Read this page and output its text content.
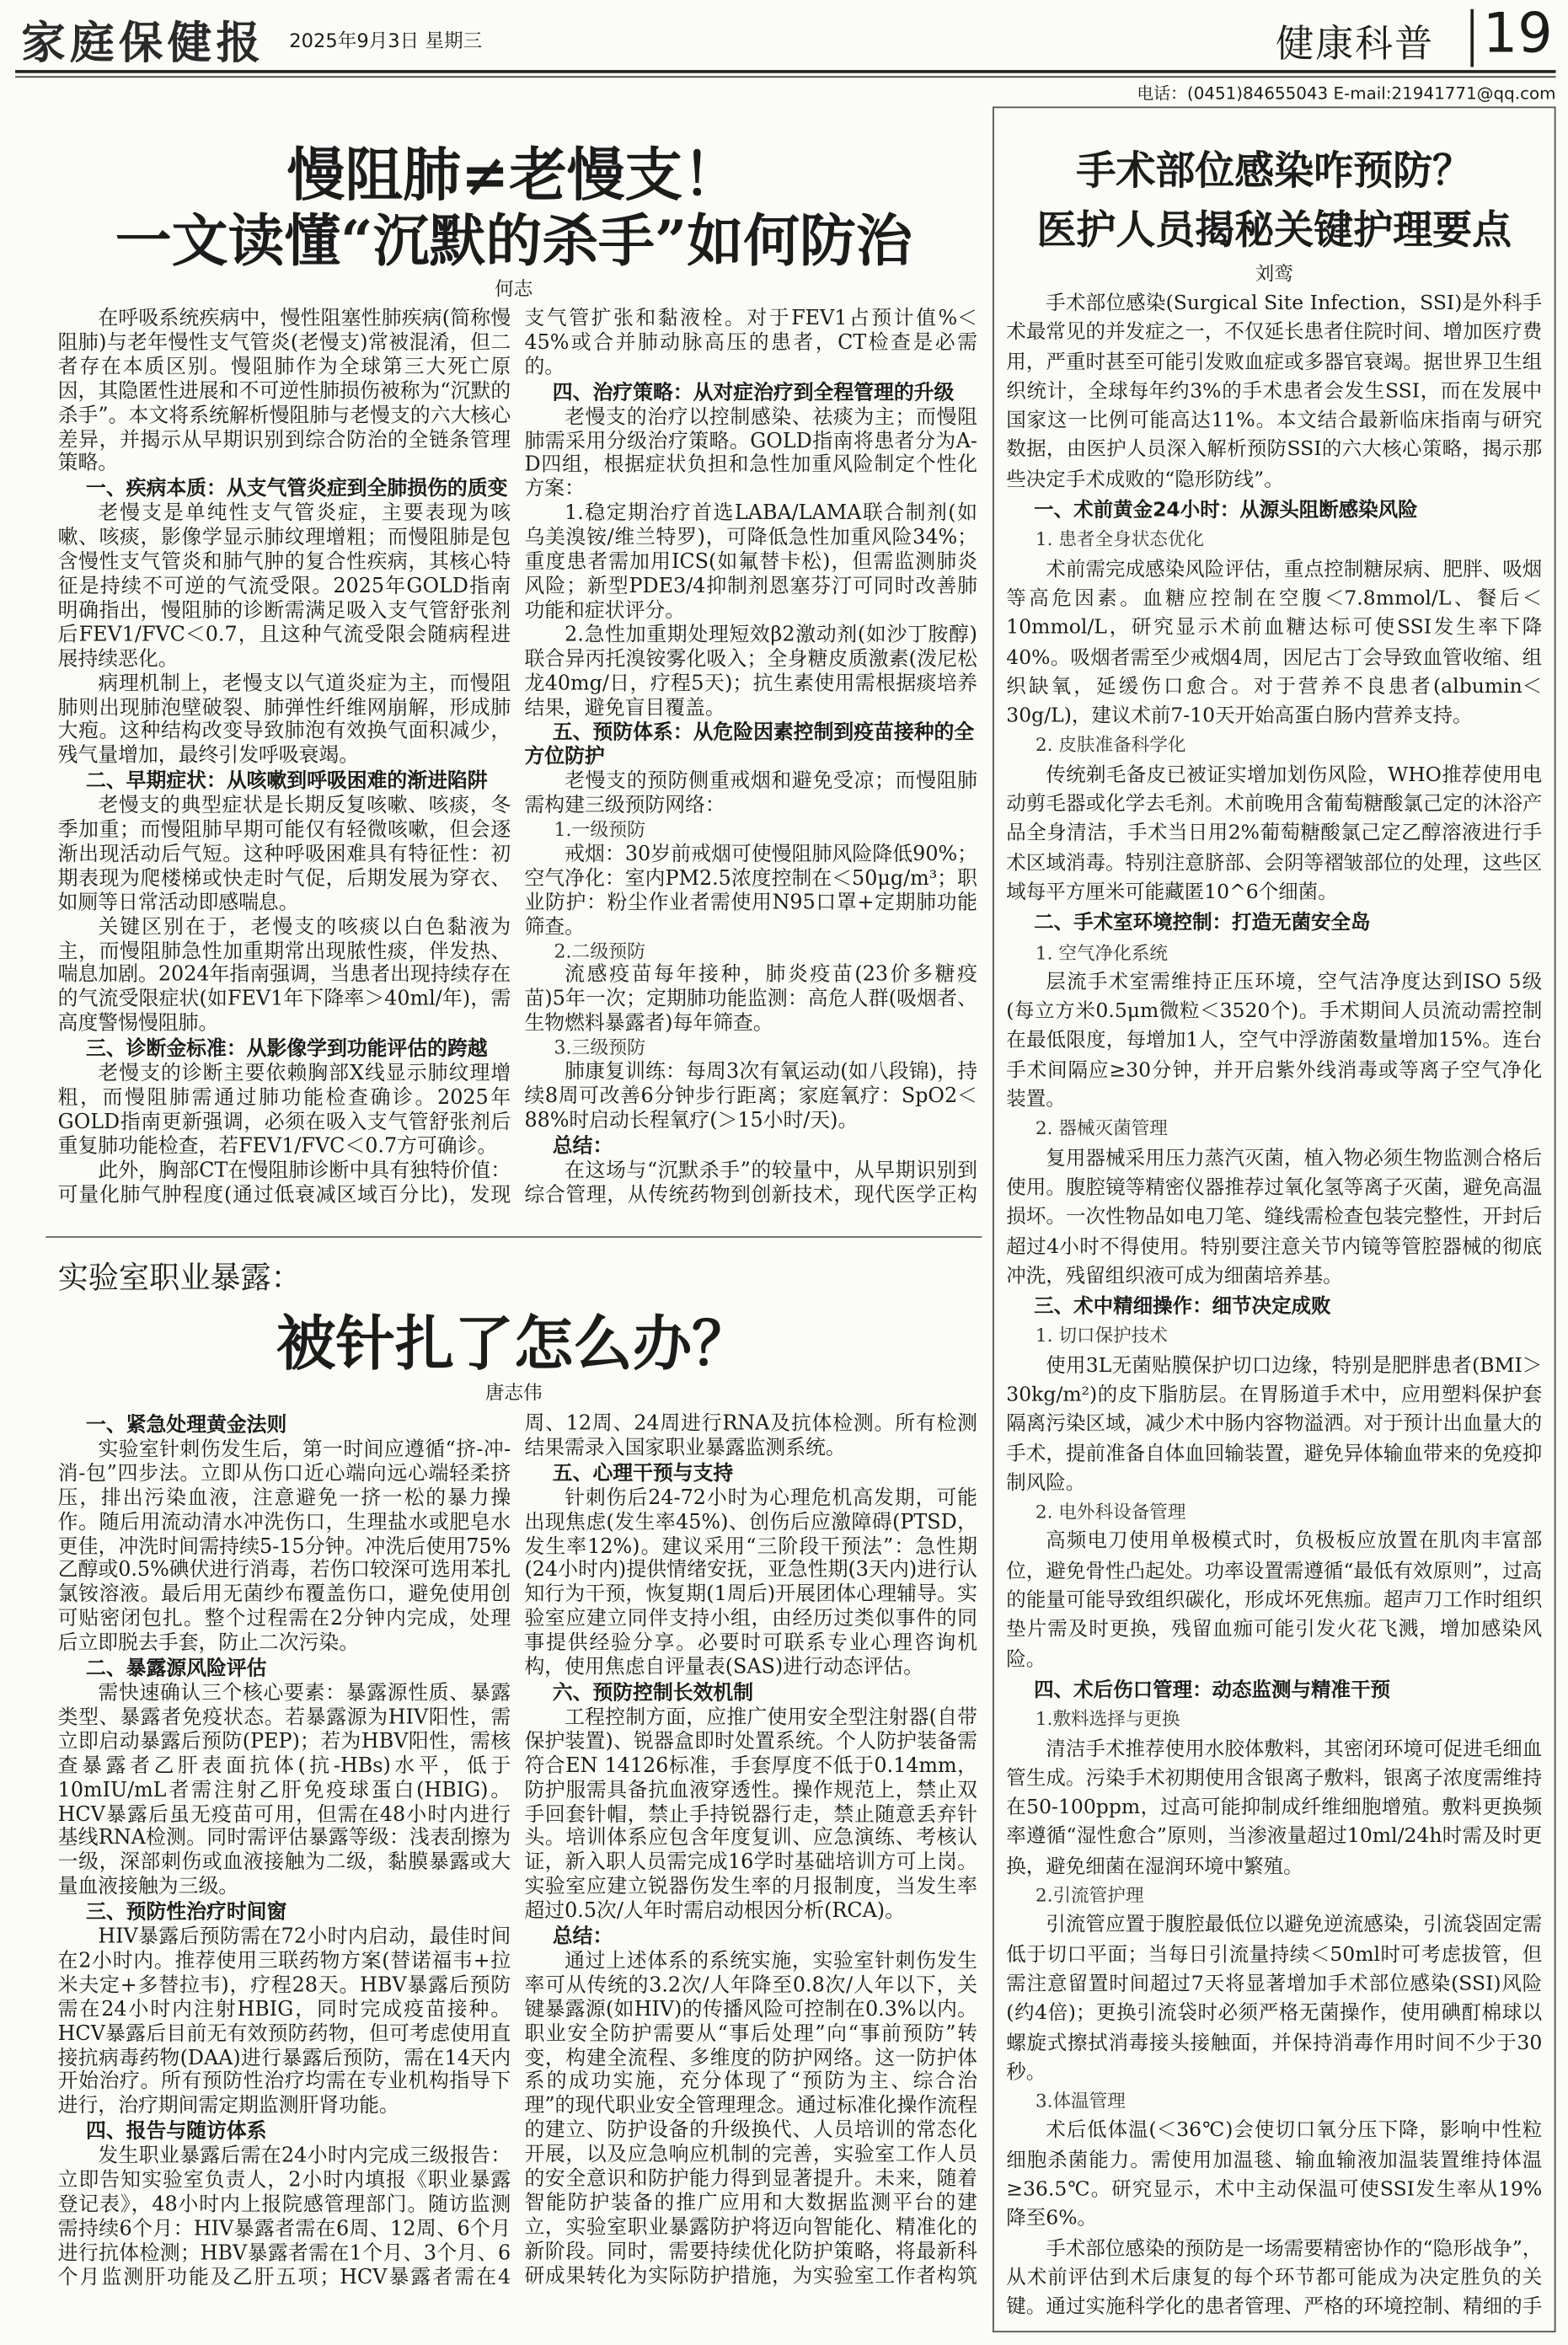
家庭保健报 2025年9月3日 星期三	健康科普 19
电话：(0451)84655043 E-mail:21941771@qq.com
慢阻肺≠老慢支！
一文读懂“沉默的杀手”如何防治
何志
在呼吸系统疾病中，慢性阻塞性肺疾病(简称慢阻肺)与老年慢性支气管炎(老慢支)常被混淆，但二者存在本质区别。慢阻肺作为全球第三大死亡原因，其隐匿性进展和不可逆性肺损伤被称为“沉默的杀手”。本文将系统解析慢阻肺与老慢支的六大核心差异，并揭示从早期识别到综合防治的全链条管理策略。
一、疾病本质：从支气管炎症到全肺损伤的质变
老慢支是单纯性支气管炎症，主要表现为咳嗽、咳痰，影像学显示肺纹理增粗；而慢阻肺是包含慢性支气管炎和肺气肿的复合性疾病，其核心特征是持续不可逆的气流受限。2025年GOLD指南明确指出，慢阻肺的诊断需满足吸入支气管舒张剂后FEV1/FVC＜0.7，且这种气流受限会随病程进展持续恶化。
病理机制上，老慢支以气道炎症为主，而慢阻肺则出现肺泡壁破裂、肺弹性纤维网崩解，形成肺大疱。这种结构改变导致肺泡有效换气面积减少，残气量增加，最终引发呼吸衰竭。
二、早期症状：从咳嗽到呼吸困难的渐进陷阱
老慢支的典型症状是长期反复咳嗽、咳痰，冬季加重；而慢阻肺早期可能仅有轻微咳嗽，但会逐渐出现活动后气短。这种呼吸困难具有特征性：初期表现为爬楼梯或快走时气促，后期发展为穿衣、如厕等日常活动即感喘息。
关键区别在于，老慢支的咳痰以白色黏液为主，而慢阻肺急性加重期常出现脓性痰，伴发热、喘息加剧。2024年指南强调，当患者出现持续存在的气流受限症状(如FEV1年下降率＞40ml/年)，需高度警惕慢阻肺。
三、诊断金标准：从影像学到功能评估的跨越
老慢支的诊断主要依赖胸部X线显示肺纹理增粗，而慢阻肺需通过肺功能检查确诊。2025年GOLD指南更新强调，必须在吸入支气管舒张剂后重复肺功能检查，若FEV1/FVC＜0.7方可确诊。
此外，胸部CT在慢阻肺诊断中具有独特价值：可量化肺气肿程度(通过低衰减区域百分比)，发现支气管扩张和黏液栓。对于FEV1占预计值%＜45%或合并肺动脉高压的患者，CT检查是必需的。
四、治疗策略：从对症治疗到全程管理的升级
老慢支的治疗以控制感染、祛痰为主；而慢阻肺需采用分级治疗策略。GOLD指南将患者分为A-D四组，根据症状负担和急性加重风险制定个性化方案：
1.稳定期治疗首选LABA/LAMA联合制剂(如乌美溴铵/维兰特罗)，可降低急性加重风险34%；重度患者需加用ICS(如氟替卡松)，但需监测肺炎风险；新型PDE3/4抑制剂恩塞芬汀可同时改善肺功能和症状评分。
2.急性加重期处理短效β2激动剂(如沙丁胺醇)联合异丙托溴铵雾化吸入；全身糖皮质激素(泼尼松龙40mg/日，疗程5天)；抗生素使用需根据痰培养结果，避免盲目覆盖。
五、预防体系：从危险因素控制到疫苗接种的全方位防护
老慢支的预防侧重戒烟和避免受凉；而慢阻肺需构建三级预防网络：
1.一级预防
戒烟：30岁前戒烟可使慢阻肺风险降低90%；空气净化：室内PM2.5浓度控制在＜50μg/m³；职业防护：粉尘作业者需使用N95口罩+定期肺功能筛查。
2.二级预防
流感疫苗每年接种，肺炎疫苗(23价多糖疫苗)5年一次；定期肺功能监测：高危人群(吸烟者、生物燃料暴露者)每年筛查。
3.三级预防
肺康复训练：每周3次有氧运动(如八段锦)，持续8周可改善6分钟步行距离；家庭氧疗：SpO2＜88%时启动长程氧疗(＞15小时/天)。
总结：
在这场与“沉默杀手”的较量中，从早期识别到综合管理，从传统药物到创新技术，现代医学正构
实验室职业暴露：
被针扎了怎么办？
唐志伟
一、紧急处理黄金法则
实验室针刺伤发生后，第一时间应遵循“挤-冲-消-包”四步法。立即从伤口近心端向远心端轻柔挤压，排出污染血液，注意避免一挤一松的暴力操作。随后用流动清水冲洗伤口，生理盐水或肥皂水更佳，冲洗时间需持续5-15分钟。冲洗后使用75%乙醇或0.5%碘伏进行消毒，若伤口较深可选用苯扎氯铵溶液。最后用无菌纱布覆盖伤口，避免使用创可贴密闭包扎。整个过程需在2分钟内完成，处理后立即脱去手套，防止二次污染。
二、暴露源风险评估
需快速确认三个核心要素：暴露源性质、暴露类型、暴露者免疫状态。若暴露源为HIV阳性，需立即启动暴露后预防(PEP)；若为HBV阳性，需核查暴露者乙肝表面抗体(抗-HBs)水平，低于10mIU/mL者需注射乙肝免疫球蛋白(HBIG)。HCV暴露后虽无疫苗可用，但需在48小时内进行基线RNA检测。同时需评估暴露等级：浅表刮擦为一级，深部刺伤或血液接触为二级，黏膜暴露或大量血液接触为三级。
三、预防性治疗时间窗
HIV暴露后预防需在72小时内启动，最佳时间在2小时内。推荐使用三联药物方案(替诺福韦+拉米夫定+多替拉韦)，疗程28天。HBV暴露后预防需在24小时内注射HBIG，同时完成疫苗接种。HCV暴露后目前无有效预防药物，但可考虑使用直接抗病毒药物(DAA)进行暴露后预防，需在14天内开始治疗。所有预防性治疗均需在专业机构指导下进行，治疗期间需定期监测肝肾功能。
四、报告与随访体系
发生职业暴露后需在24小时内完成三级报告：立即告知实验室负责人，2小时内填报《职业暴露登记表》，48小时内上报院感管理部门。随访监测需持续6个月：HIV暴露者需在6周、12周、6个月进行抗体检测；HBV暴露者需在1个月、3个月、6个月监测肝功能及乙肝五项；HCV暴露者需在4周、12周、24周进行RNA及抗体检测。所有检测结果需录入国家职业暴露监测系统。
五、心理干预与支持
针刺伤后24-72小时为心理危机高发期，可能出现焦虑(发生率45%)、创伤后应激障碍(PTSD，发生率12%)。建议采用“三阶段干预法”：急性期(24小时内)提供情绪安抚，亚急性期(3天内)进行认知行为干预，恢复期(1周后)开展团体心理辅导。实验室应建立同伴支持小组，由经历过类似事件的同事提供经验分享。必要时可联系专业心理咨询机构，使用焦虑自评量表(SAS)进行动态评估。
六、预防控制长效机制
工程控制方面，应推广使用安全型注射器(自带保护装置)、锐器盒即时处置系统。个人防护装备需符合EN 14126标准，手套厚度不低于0.14mm，防护服需具备抗血液穿透性。操作规范上，禁止双手回套针帽，禁止手持锐器行走，禁止随意丢弃针头。培训体系应包含年度复训、应急演练、考核认证，新入职人员需完成16学时基础培训方可上岗。实验室应建立锐器伤发生率的月报制度，当发生率超过0.5次/人年时需启动根因分析(RCA)。
总结：
通过上述体系的系统实施，实验室针刺伤发生率可从传统的3.2次/人年降至0.8次/人年以下，关键暴露源(如HIV)的传播风险可控制在0.3%以内。职业安全防护需要从“事后处理”向“事前预防”转变，构建全流程、多维度的防护网络。这一防护体系的成功实施，充分体现了“预防为主、综合治理”的现代职业安全管理理念。通过标准化操作流程的建立、防护设备的升级换代、人员培训的常态化开展，以及应急响应机制的完善，实验室工作人员的安全意识和防护能力得到显著提升。未来，随着智能防护装备的推广应用和大数据监测平台的建立，实验室职业暴露防护将迈向智能化、精准化的新阶段。同时，需要持续优化防护策略，将最新科研成果转化为实际防护措施，为实验室工作者构筑
手术部位感染咋预防？
医护人员揭秘关键护理要点
刘鸾
手术部位感染(Surgical Site Infection，SSI)是外科手术最常见的并发症之一，不仅延长患者住院时间、增加医疗费用，严重时甚至可能引发败血症或多器官衰竭。据世界卫生组织统计，全球每年约3%的手术患者会发生SSI，而在发展中国家这一比例可能高达11%。本文结合最新临床指南与研究数据，由医护人员深入解析预防SSI的六大核心策略，揭示那些决定手术成败的“隐形防线”。
一、术前黄金24小时：从源头阻断感染风险
1. 患者全身状态优化
术前需完成感染风险评估，重点控制糖尿病、肥胖、吸烟等高危因素。血糖应控制在空腹＜7.8mmol/L、餐后＜10mmol/L，研究显示术前血糖达标可使SSI发生率下降40%。吸烟者需至少戒烟4周，因尼古丁会导致血管收缩、组织缺氧，延缓伤口愈合。对于营养不良患者(albumin＜30g/L)，建议术前7-10天开始高蛋白肠内营养支持。
2. 皮肤准备科学化
传统剃毛备皮已被证实增加划伤风险，WHO推荐使用电动剪毛器或化学去毛剂。术前晚用含葡萄糖酸氯己定的沐浴产品全身清洁，手术当日用2%葡萄糖酸氯己定乙醇溶液进行手术区域消毒。特别注意脐部、会阴等褶皱部位的处理，这些区域每平方厘米可能藏匿10^6个细菌。
二、手术室环境控制：打造无菌安全岛
1. 空气净化系统
层流手术室需维持正压环境，空气洁净度达到ISO 5级(每立方米0.5μm微粒＜3520个)。手术期间人员流动需控制在最低限度，每增加1人，空气中浮游菌数量增加15%。连台手术间隔应≥30分钟，并开启紫外线消毒或等离子空气净化装置。
2. 器械灭菌管理
复用器械采用压力蒸汽灭菌，植入物必须生物监测合格后使用。腹腔镜等精密仪器推荐过氧化氢等离子灭菌，避免高温损坏。一次性物品如电刀笔、缝线需检查包装完整性，开封后超过4小时不得使用。特别要注意关节内镜等管腔器械的彻底冲洗，残留组织液可成为细菌培养基。
三、术中精细操作：细节决定成败
1. 切口保护技术
使用3L无菌贴膜保护切口边缘，特别是肥胖患者(BMI＞30kg/m²)的皮下脂肪层。在胃肠道手术中，应用塑料保护套隔离污染区域，减少术中肠内容物溢洒。对于预计出血量大的手术，提前准备自体血回输装置，避免异体输血带来的免疫抑制风险。
2. 电外科设备管理
高频电刀使用单极模式时，负极板应放置在肌肉丰富部位，避免骨性凸起处。功率设置需遵循“最低有效原则”，过高的能量可能导致组织碳化，形成坏死焦痂。超声刀工作时组织垫片需及时更换，残留血痂可能引发火花飞溅，增加感染风险。
四、术后伤口管理：动态监测与精准干预
1.敷料选择与更换
清洁手术推荐使用水胶体敷料，其密闭环境可促进毛细血管生成。污染手术初期使用含银离子敷料，银离子浓度需维持在50-100ppm，过高可能抑制成纤维细胞增殖。敷料更换频率遵循“湿性愈合”原则，当渗液量超过10ml/24h时需及时更换，避免细菌在湿润环境中繁殖。
2.引流管护理
引流管应置于腹腔最低位以避免逆流感染，引流袋固定需低于切口平面；当每日引流量持续＜50ml时可考虑拔管，但需注意留置时间超过7天将显著增加手术部位感染(SSI)风险(约4倍)；更换引流袋时必须严格无菌操作，使用碘酊棉球以螺旋式擦拭消毒接头接触面，并保持消毒作用时间不少于30秒。
3.体温管理
术后低体温(＜36℃)会使切口氧分压下降，影响中性粒细胞杀菌能力。需使用加温毯、输血输液加温装置维持体温≥36.5℃。研究显示，术中主动保温可使SSI发生率从19%降至6%。
手术部位感染的预防是一场需要精密协作的“隐形战争”，从术前评估到术后康复的每个环节都可能成为决定胜负的关键。通过实施科学化的患者管理、严格的环境控制、精细的手
